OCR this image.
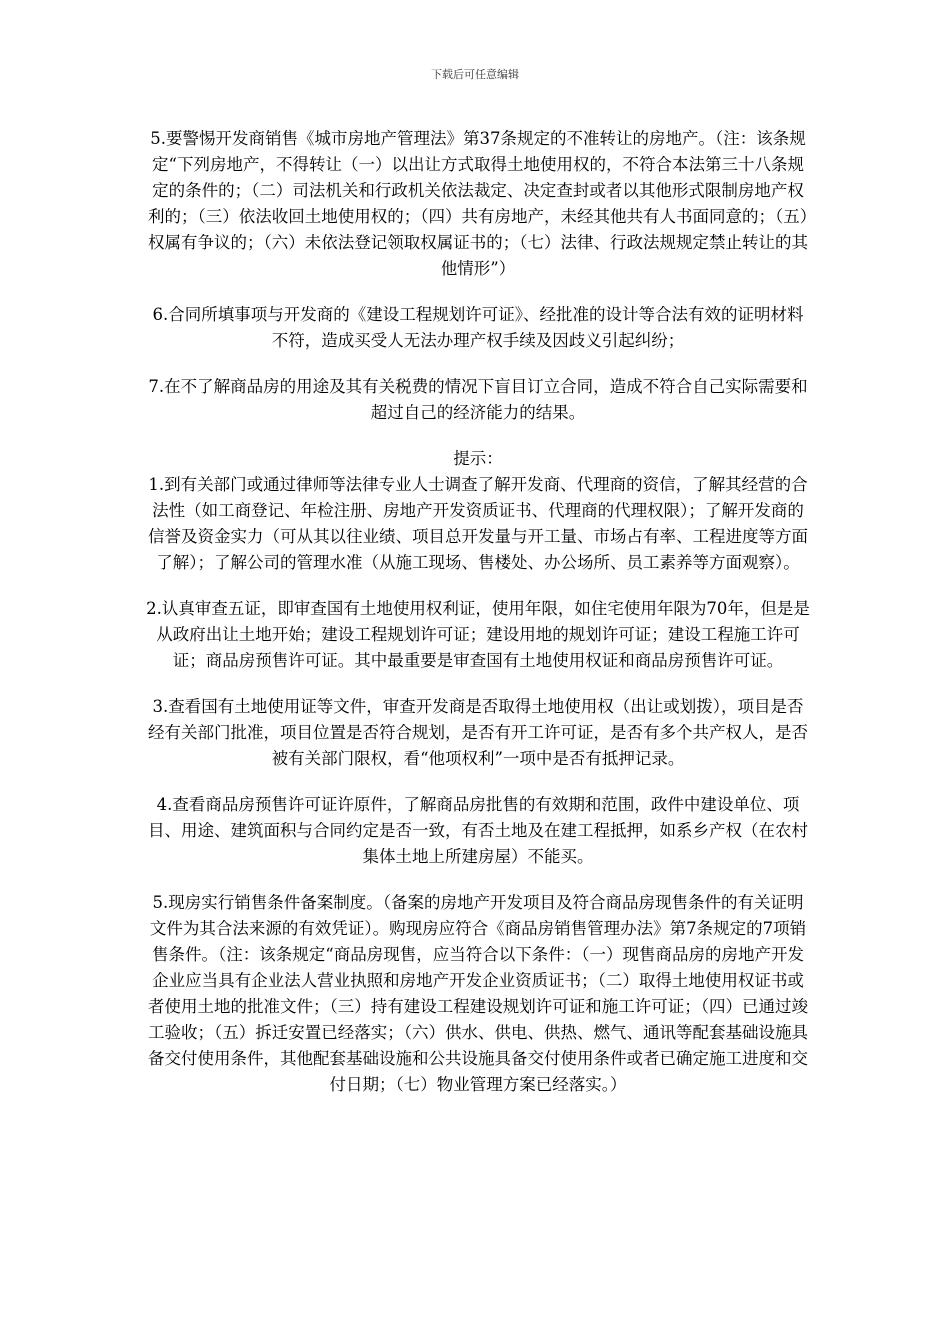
下载后可任意编辑

5.要警惕开发商销售《城市房地产管理法》第37条规定的不准转让的房地产。（注：该条规定“下列房地产，不得转让（一）以出让方式取得土地使用权的，不符合本法第三十八条规定的条件的；（二）司法机关和行政机关依法裁定、决定查封或者以其他形式限制房地产权利的；（三）依法收回土地使用权的；（四）共有房地产，未经其他共有人书面同意的；（五）权属有争议的；（六）未依法登记领取权属证书的；（七）法律、行政法规规定禁止转让的其他情形”）

6.合同所填事项与开发商的《建设工程规划许可证》、经批准的设计等合法有效的证明材料不符，造成买受人无法办理产权手续及因歧义引起纠纷；

7.在不了解商品房的用途及其有关税费的情况下盲目订立合同，造成不符合自己实际需要和超过自己的经济能力的结果。

提示：

1.到有关部门或通过律师等法律专业人士调查了解开发商、代理商的资信，了解其经营的合法性（如工商登记、年检注册、房地产开发资质证书、代理商的代理权限）；了解开发商的信誉及资金实力（可从其以往业绩、项目总开发量与开工量、市场占有率、工程进度等方面了解）；了解公司的管理水准（从施工现场、售楼处、办公场所、员工素养等方面观察）。

2.认真审查五证，即审查国有土地使用权利证，使用年限，如住宅使用年限为70年，但是是从政府出让土地开始；建设工程规划许可证；建设用地的规划许可证；建设工程施工许可证；商品房预售许可证。其中最重要是审查国有土地使用权证和商品房预售许可证。

3.查看国有土地使用证等文件，审查开发商是否取得土地使用权（出让或划拨），项目是否经有关部门批准，项目位置是否符合规划，是否有开工许可证，是否有多个共产权人，是否被有关部门限权，看“他项权利”一项中是否有抵押记录。

4.查看商品房预售许可证许原件，了解商品房批售的有效期和范围，政件中建设单位、项目、用途、建筑面积与合同约定是否一致，有否土地及在建工程抵押，如系乡产权（在农村集体土地上所建房屋）不能买。

5.现房实行销售条件备案制度。（备案的房地产开发项目及符合商品房现售条件的有关证明文件为其合法来源的有效凭证）。购现房应符合《商品房销售管理办法》第7条规定的7项销售条件。（注：该条规定“商品房现售，应当符合以下条件：（一）现售商品房的房地产开发企业应当具有企业法人营业执照和房地产开发企业资质证书；（二）取得土地使用权证书或者使用土地的批准文件；（三）持有建设工程建设规划许可证和施工许可证；（四）已通过竣工验收；（五）拆迁安置已经落实；（六）供水、供电、供热、燃气、通讯等配套基础设施具备交付使用条件，其他配套基础设施和公共设施具备交付使用条件或者已确定施工进度和交付日期；（七）物业管理方案已经落实。）
